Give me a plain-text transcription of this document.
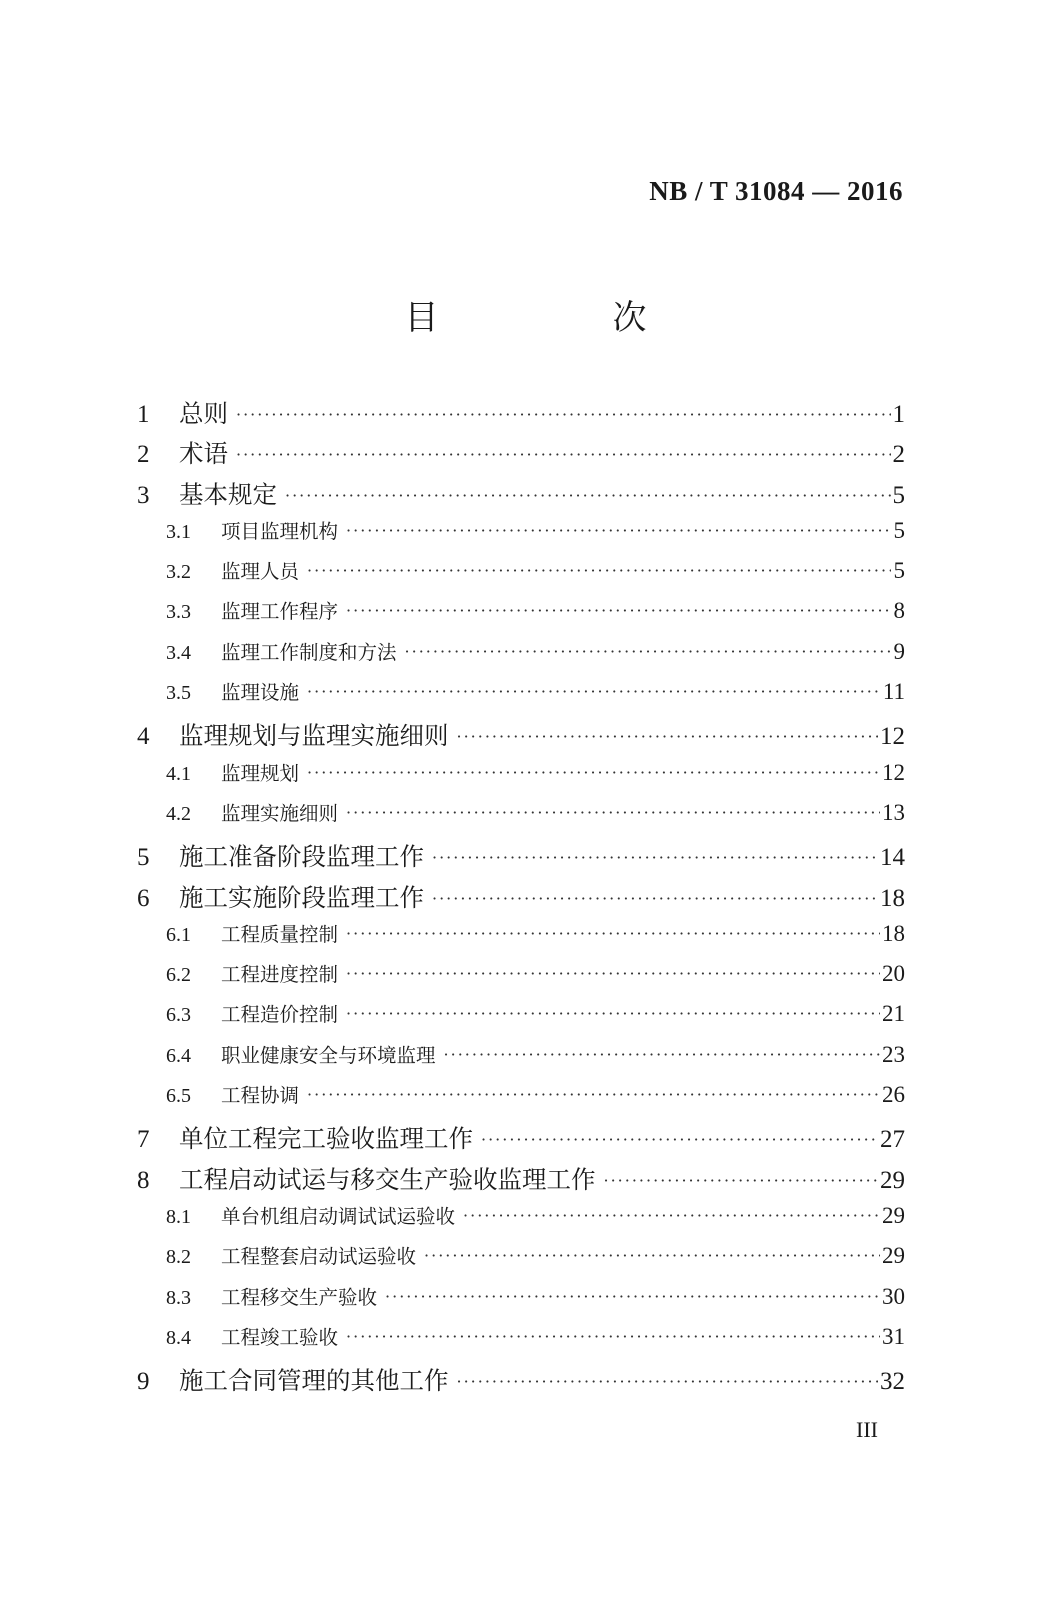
NB / T 31084 — 2016
目　次
1	总则 ·····	1
2	术语 ·····	2
3	基本规定 ·····	5
3.1	项目监理机构 ·····	5
3.2	监理人员 ·····	5
3.3	监理工作程序 ·····	8
3.4	监理工作制度和方法 ·····	9
3.5	监理设施 ·····	11
4	监理规划与监理实施细则 ·····	12
4.1	监理规划 ·····	12
4.2	监理实施细则 ·····	13
5	施工准备阶段监理工作 ·····	14
6	施工实施阶段监理工作 ·····	18
6.1	工程质量控制 ·····	18
6.2	工程进度控制 ·····	20
6.3	工程造价控制 ·····	21
6.4	职业健康安全与环境监理 ·····	23
6.5	工程协调 ·····	26
7	单位工程完工验收监理工作 ·····	27
8	工程启动试运与移交生产验收监理工作 ·····	29
8.1	单台机组启动调试试运验收 ·····	29
8.2	工程整套启动试运验收 ·····	29
8.3	工程移交生产验收 ·····	30
8.4	工程竣工验收 ·····	31
9	施工合同管理的其他工作 ·····	32
III
